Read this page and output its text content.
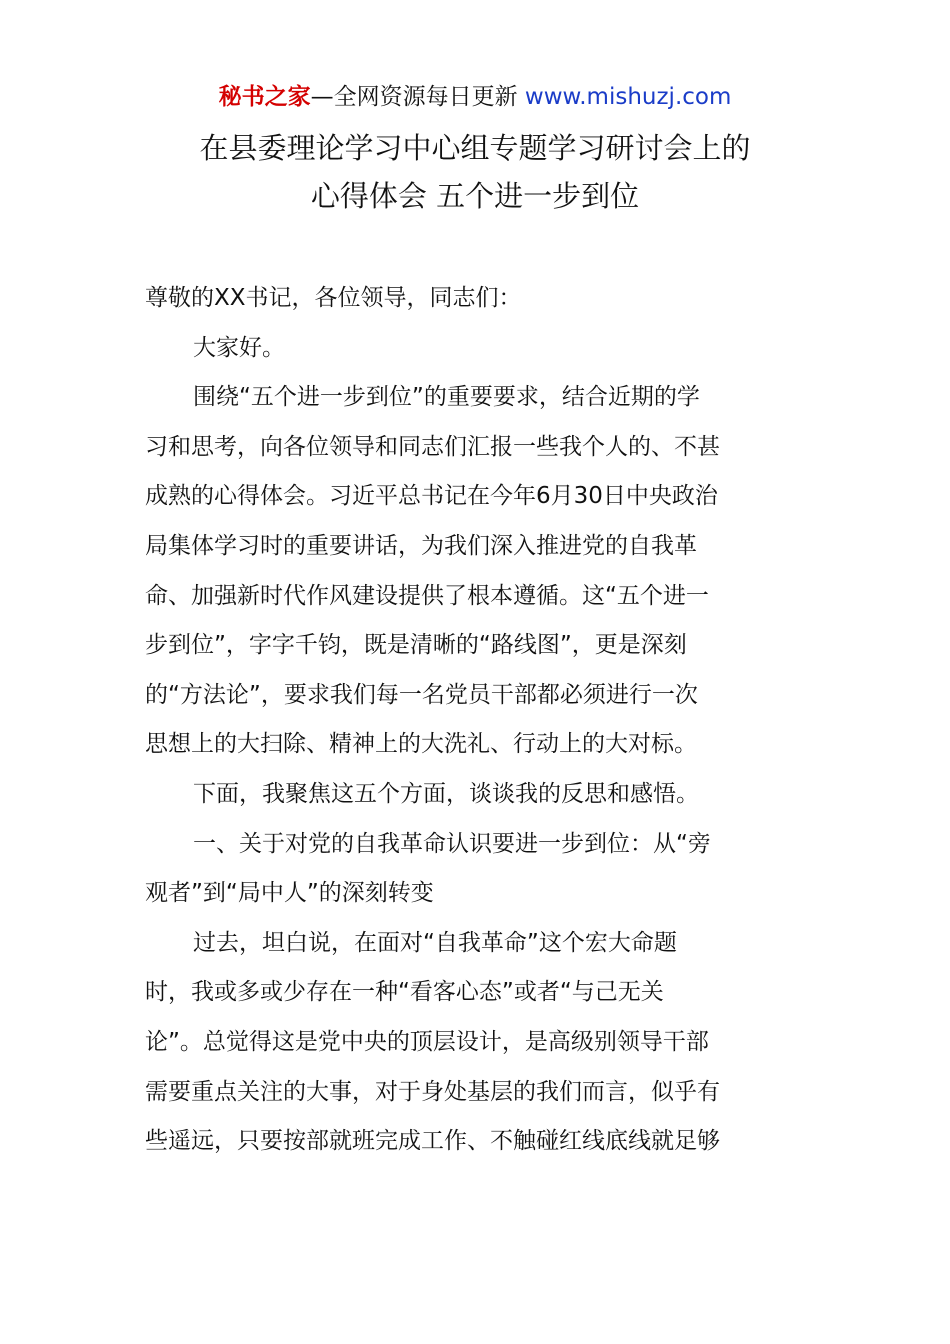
秘书之家—全网资源每日更新 www.mishuzj.com
在县委理论学习中心组专题学习研讨会上的
心得体会 五个进一步到位

尊敬的XX书记，各位领导，同志们：

大家好。

围绕“五个进一步到位”的重要要求，结合近期的学
习和思考，向各位领导和同志们汇报一些我个人的、不甚
成熟的心得体会。习近平总书记在今年6月30日中央政治
局集体学习时的重要讲话，为我们深入推进党的自我革
命、加强新时代作风建设提供了根本遵循。这“五个进一
步到位”，字字千钧，既是清晰的“路线图”，更是深刻
的“方法论”，要求我们每一名党员干部都必须进行一次
思想上的大扫除、精神上的大洗礼、行动上的大对标。

下面，我聚焦这五个方面，谈谈我的反思和感悟。

一、关于对党的自我革命认识要进一步到位：从“旁
观者”到“局中人”的深刻转变

过去，坦白说，在面对“自我革命”这个宏大命题
时，我或多或少存在一种“看客心态”或者“与己无关
论”。总觉得这是党中央的顶层设计，是高级别领导干部
需要重点关注的大事，对于身处基层的我们而言，似乎有
些遥远，只要按部就班完成工作、不触碰红线底线就足够
